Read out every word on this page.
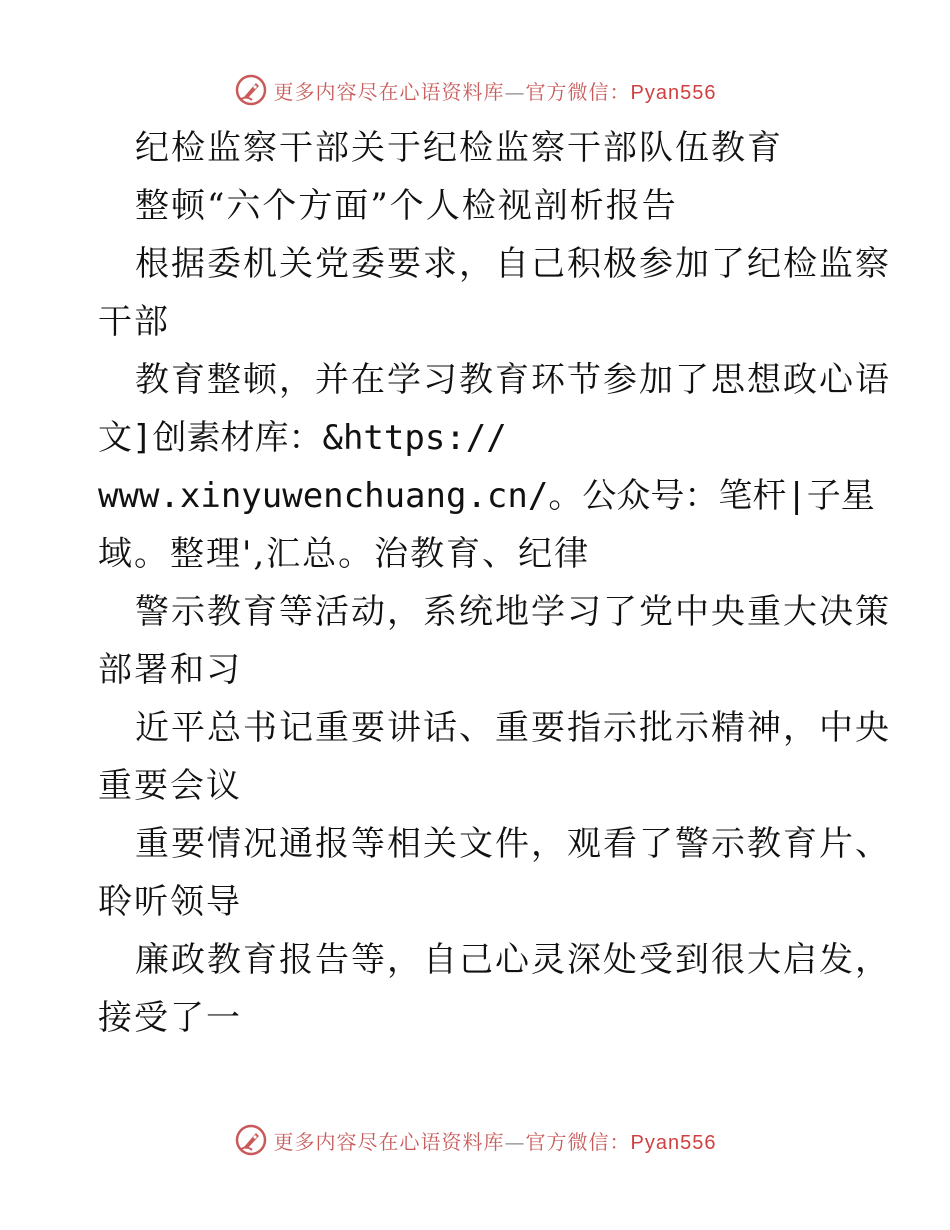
更多内容尽在心语资料库—官方微信：Pyan556
纪检监察干部关于纪检监察干部队伍教育
整顿“六个方面”个人检视剖析报告
根据委机关党委要求，自己积极参加了纪检监察
干部
教育整顿，并在学习教育环节参加了思想政心语
文]创素材库：&https://
www.xinyuwenchuang.cn/。公众号：笔杆|子星
域。整理',汇总。治教育、纪律
警示教育等活动，系统地学习了党中央重大决策
部署和习
近平总书记重要讲话、重要指示批示精神，中央
重要会议
重要情况通报等相关文件，观看了警示教育片、
聆听领导
廉政教育报告等，自己心灵深处受到很大启发，
接受了一
更多内容尽在心语资料库—官方微信：Pyan556
